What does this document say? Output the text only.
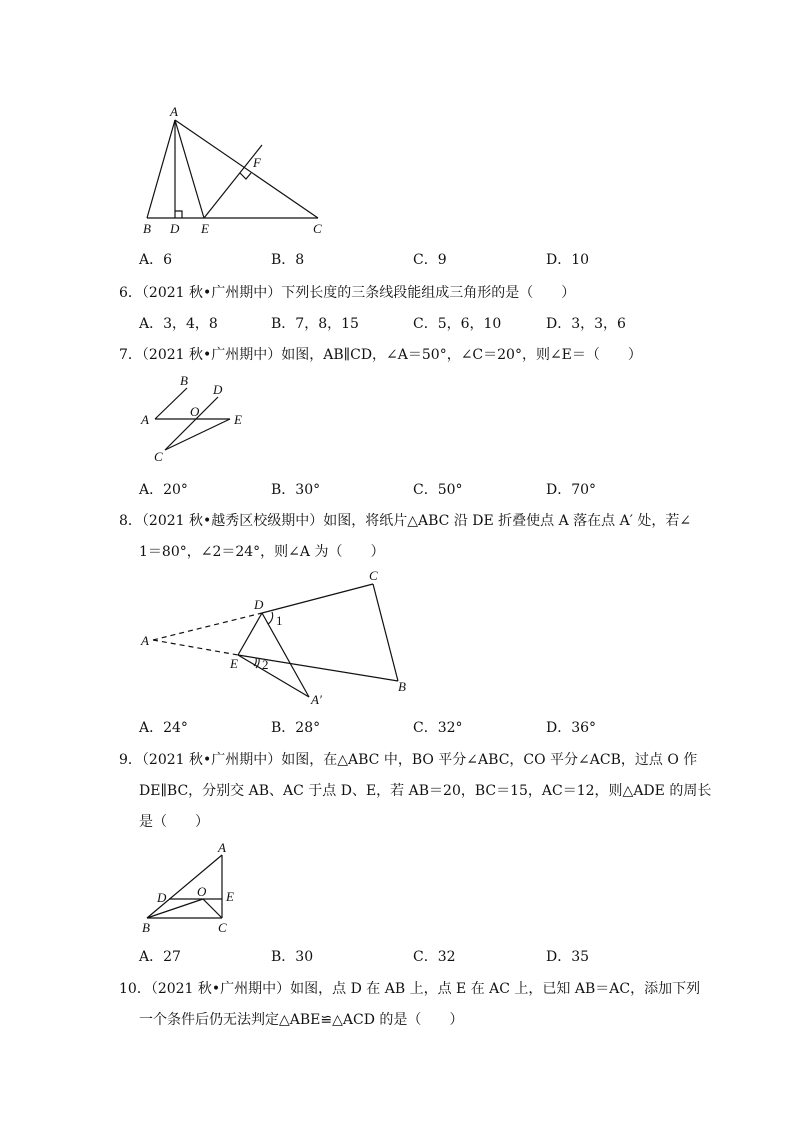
A
F
B D E	C
A．6	B．8	C．9	D．10
6．（2021 秋•广州期中）下列长度的三条线段能组成三角形的是（　　）
A．3，4，8	B．7，8，15	C．5，6，10	D．3，3，6
7．（2021 秋•广州期中）如图，AB∥CD，∠A＝50°，∠C＝20°，则∠E＝（　　）
B
D
O
A	E
C
A．20°	B．30°	C．50°	D．70°
8．（2021 秋•越秀区校级期中）如图，将纸片△ABC 沿 DE 折叠使点 A 落在点 A′ 处，若∠
1＝80°，∠2＝24°，则∠A 为（　　）
A
D
C
1
E 2
B
A′
A．24°	B．28°	C．32°	D．36°
9．（2021 秋•广州期中）如图，在△ABC 中，BO 平分∠ABC，CO 平分∠ACB，过点 O 作
DE∥BC，分别交 AB、AC 于点 D、E，若 AB＝20，BC＝15，AC＝12，则△ADE 的周长
是（　　）
A
O
D	E
B	C
A．27	B．30	C．32	D．35
10．（2021 秋•广州期中）如图，点 D 在 AB 上，点 E 在 AC 上，已知 AB＝AC，添加下列
一个条件后仍无法判定△ABE≌△ACD 的是（　　）
